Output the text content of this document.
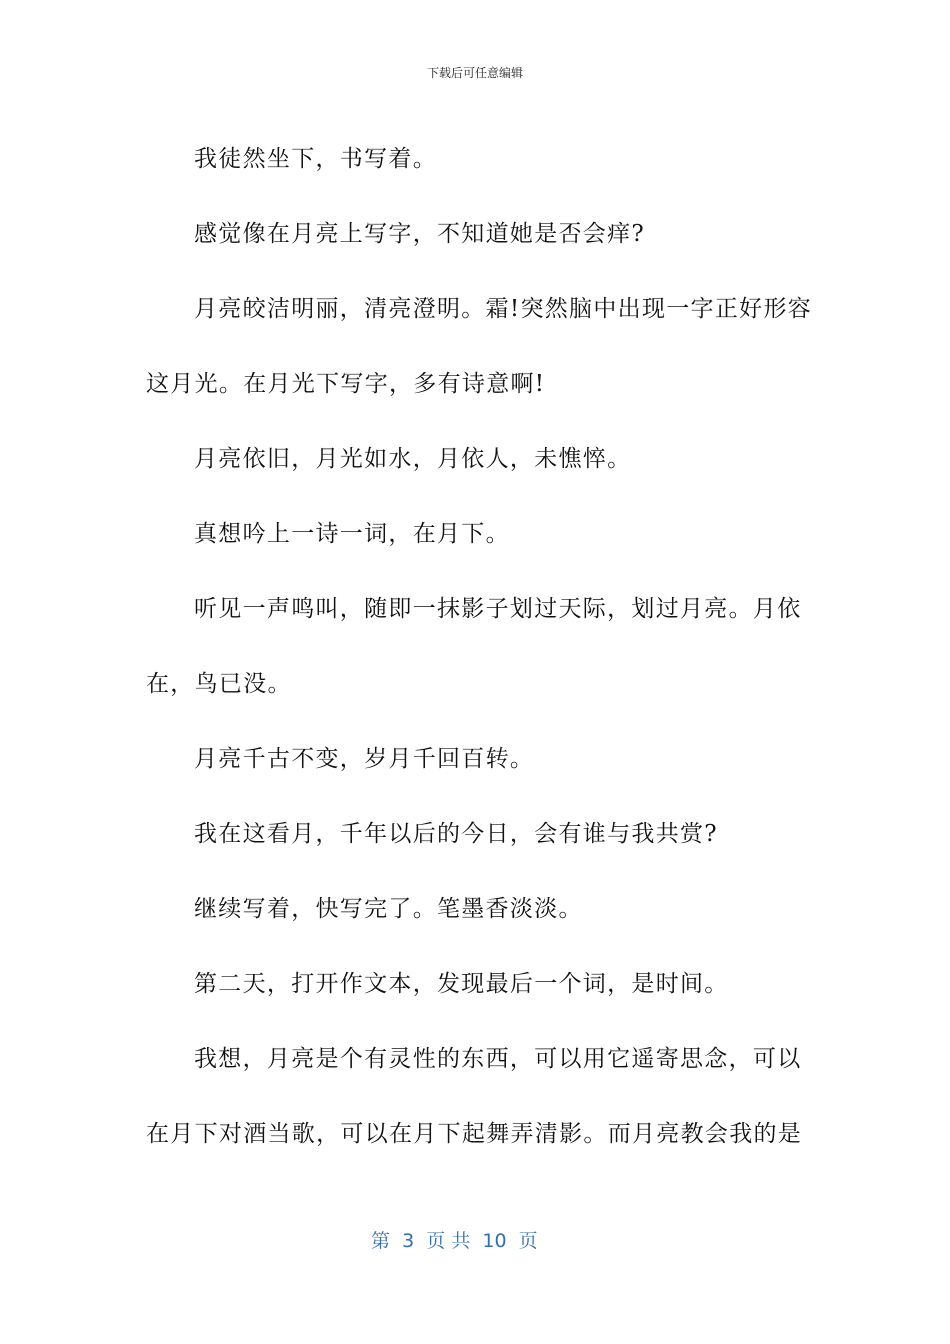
下载后可任意编辑

我徒然坐下，书写着。

感觉像在月亮上写字，不知道她是否会痒?

月亮皎洁明丽，清亮澄明。霜!突然脑中出现一字正好形容

这月光。在月光下写字，多有诗意啊!

月亮依旧，月光如水，月依人，未憔悴。

真想吟上一诗一词，在月下。

听见一声鸣叫，随即一抹影子划过天际，划过月亮。月依

在，鸟已没。

月亮千古不变，岁月千回百转。

我在这看月，千年以后的今日，会有谁与我共赏?

继续写着，快写完了。笔墨香淡淡。

第二天，打开作文本，发现最后一个词，是时间。

我想，月亮是个有灵性的东西，可以用它遥寄思念，可以

在月下对酒当歌，可以在月下起舞弄清影。而月亮教会我的是

第  3  页 共  10  页
